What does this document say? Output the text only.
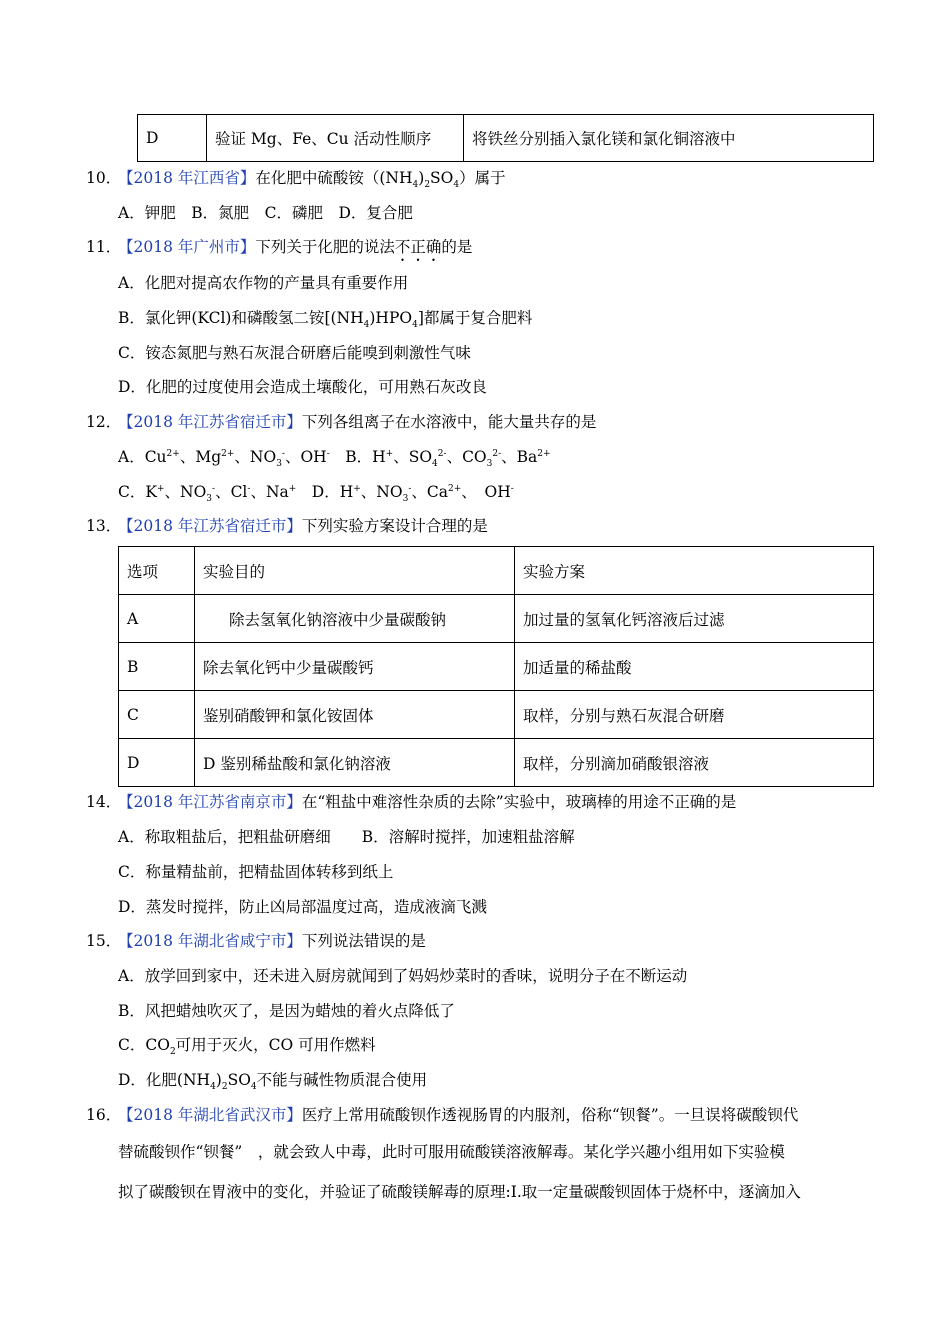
D	验证 Mg、Fe、Cu 活动性顺序	将铁丝分别插入氯化镁和氯化铜溶液中
10．
【2018 年江西省】在化肥中硫酸铵$((NH_4)_2SO_4)$属于
A．钾肥　B．氮肥　C．磷肥　D．复合肥
11．
【2018 年广州市】下列关于化肥的说法不正确的是
A．化肥对提高农作物的产量具有重要作用
B．氯化钾(KCl)和磷酸氢二铵$[(NH_4)HPO_4]$都属于复合肥料
C．铵态氮肥与熟石灰混合研磨后能嗅到刺激性气味
D．化肥的过度使用会造成土壤酸化，可用熟石灰改良
12．
【2018 年江苏省宿迁市】下列各组离子在水溶液中，能大量共存的是
A．$Cu^{2+}$、$Mg^{2+}$、$NO_3^-$、OH-　B．H+、$SO_4^{2-}$、$CO_3^{2-}$、$Ba^{2+}$
C．K+、$NO_3^-$、Cl-、Na+　D．H+、$NO_3^-$、$Ca^{2+}$、　OH-
13．
【2018 年江苏省宿迁市】下列实验方案设计合理的是
选项	实验目的	实验方案
A	除去氢氧化钠溶液中少量碳酸钠	加过量的氢氧化钙溶液后过滤
B	除去氧化钙中少量碳酸钙	加适量的稀盐酸
C	鉴别硝酸钾和氯化铵固体	取样，分别与熟石灰混合研磨
D	D 鉴别稀盐酸和氯化钠溶液	取样，分别滴加硝酸银溶液
14．
【2018 年江苏省南京市】在“粗盐中难溶性杂质的去除”实验中，玻璃棒的用途不正确的是
A．称取粗盐后，把粗盐研磨细　　B．溶解时搅拌，加速粗盐溶解
C．称量精盐前，把精盐固体转移到纸上
D．蒸发时搅拌，防止凶局部温度过高，造成液滴飞溅
15．
【2018 年湖北省咸宁市】下列说法错误的是
A．放学回到家中，还未进入厨房就闻到了妈妈炒菜时的香味，说明分子在不断运动
B．风把蜡烛吹灭了，是因为蜡烛的着火点降低了
C．$CO_2$可用于灭火，CO 可用作燃料
D．化肥$(NH_4)_2SO_4$不能与碱性物质混合使用
16．
【2018 年湖北省武汉市】医疗上常用硫酸钡作透视肠胃的内服剂，俗称“钡餐”。一旦误将碳酸钡代
替硫酸钡作“钡餐”　，就会致人中毒，此时可服用硫酸镁溶液解毒。某化学兴趣小组用如下实验模
拟了碳酸钡在胃液中的变化，并验证了硫酸镁解毒的原理:I.取一定量碳酸钡固体于烧杯中，逐滴加入
